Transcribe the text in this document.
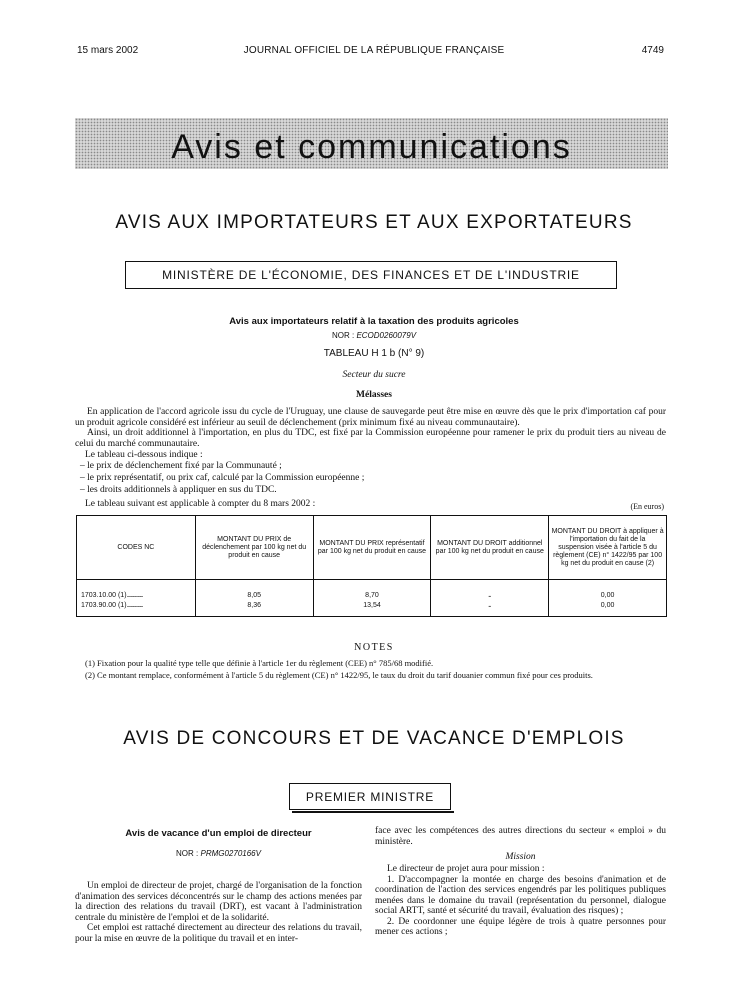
15 mars 2002	JOURNAL OFFICIEL DE LA RÉPUBLIQUE FRANÇAISE	4749
Avis et communications
AVIS AUX IMPORTATEURS ET AUX EXPORTATEURS
MINISTÈRE DE L'ÉCONOMIE, DES FINANCES ET DE L'INDUSTRIE
Avis aux importateurs relatif à la taxation des produits agricoles
NOR : ECOD0260079V
TABLEAU H 1 b (N° 9)
Secteur du sucre
Mélasses

En application de l'accord agricole issu du cycle de l'Uruguay, une clause de sauvegarde peut être mise en œuvre dès que le prix d'importation caf pour un produit agricole considéré est inférieur au seuil de déclenchement (prix minimum fixé au niveau communautaire).

Ainsi, un droit additionnel à l'importation, en plus du TDC, est fixé par la Commission européenne pour ramener le prix du produit tiers au niveau de celui du marché communautaire.

Le tableau ci-dessous indique :
– le prix de déclenchement fixé par la Communauté ;
– le prix représentatif, ou prix caf, calculé par la Commission européenne ;
– les droits additionnels à appliquer en sus du TDC.
Le tableau suivant est applicable à compter du 8 mars 2002 :	(En euros)
CODES NC	MONTANT DU PRIX de déclenchement par 100 kg net du produit en cause	MONTANT DU PRIX représentatif par 100 kg net du produit en cause	MONTANT DU DROIT additionnel par 100 kg net du produit en cause	MONTANT DU DROIT à appliquer à l'importation du fait de la suspension visée à l'article 5 du règlement (CE) n° 1422/95 par 100 kg net du produit en cause (2)

1703.10.00 (1).................	8,05	8,70	-	0,00
1703.90.00 (1).................	8,36	13,54	-	0,00
NOTES
(1) Fixation pour la qualité type telle que définie à l'article 1er du règlement (CEE) n° 785/68 modifié.
(2) Ce montant remplace, conformément à l'article 5 du règlement (CE) n° 1422/95, le taux du droit du tarif douanier commun fixé pour ces produits.
AVIS DE CONCOURS ET DE VACANCE D'EMPLOIS
PREMIER MINISTRE
Avis de vacance d'un emploi de directeur
NOR : PRMG0270166V

Un emploi de directeur de projet, chargé de l'organisation de la fonction d'animation des services déconcentrés sur le champ des actions menées par la direction des relations du travail (DRT), est vacant à l'administration centrale du ministère de l'emploi et de la solidarité.

Cet emploi est rattaché directement au directeur des relations du travail, pour la mise en œuvre de la politique du travail et en inter-

face avec les compétences des autres directions du secteur « emploi » du ministère.

Mission

Le directeur de projet aura pour mission :

1. D'accompagner la montée en charge des besoins d'animation et de coordination de l'action des services engendrés par les politiques publiques menées dans le domaine du travail (représentation du personnel, dialogue social ARTT, santé et sécurité du travail, évaluation des risques) ;

2. De coordonner une équipe légère de trois à quatre personnes pour mener ces actions ;
